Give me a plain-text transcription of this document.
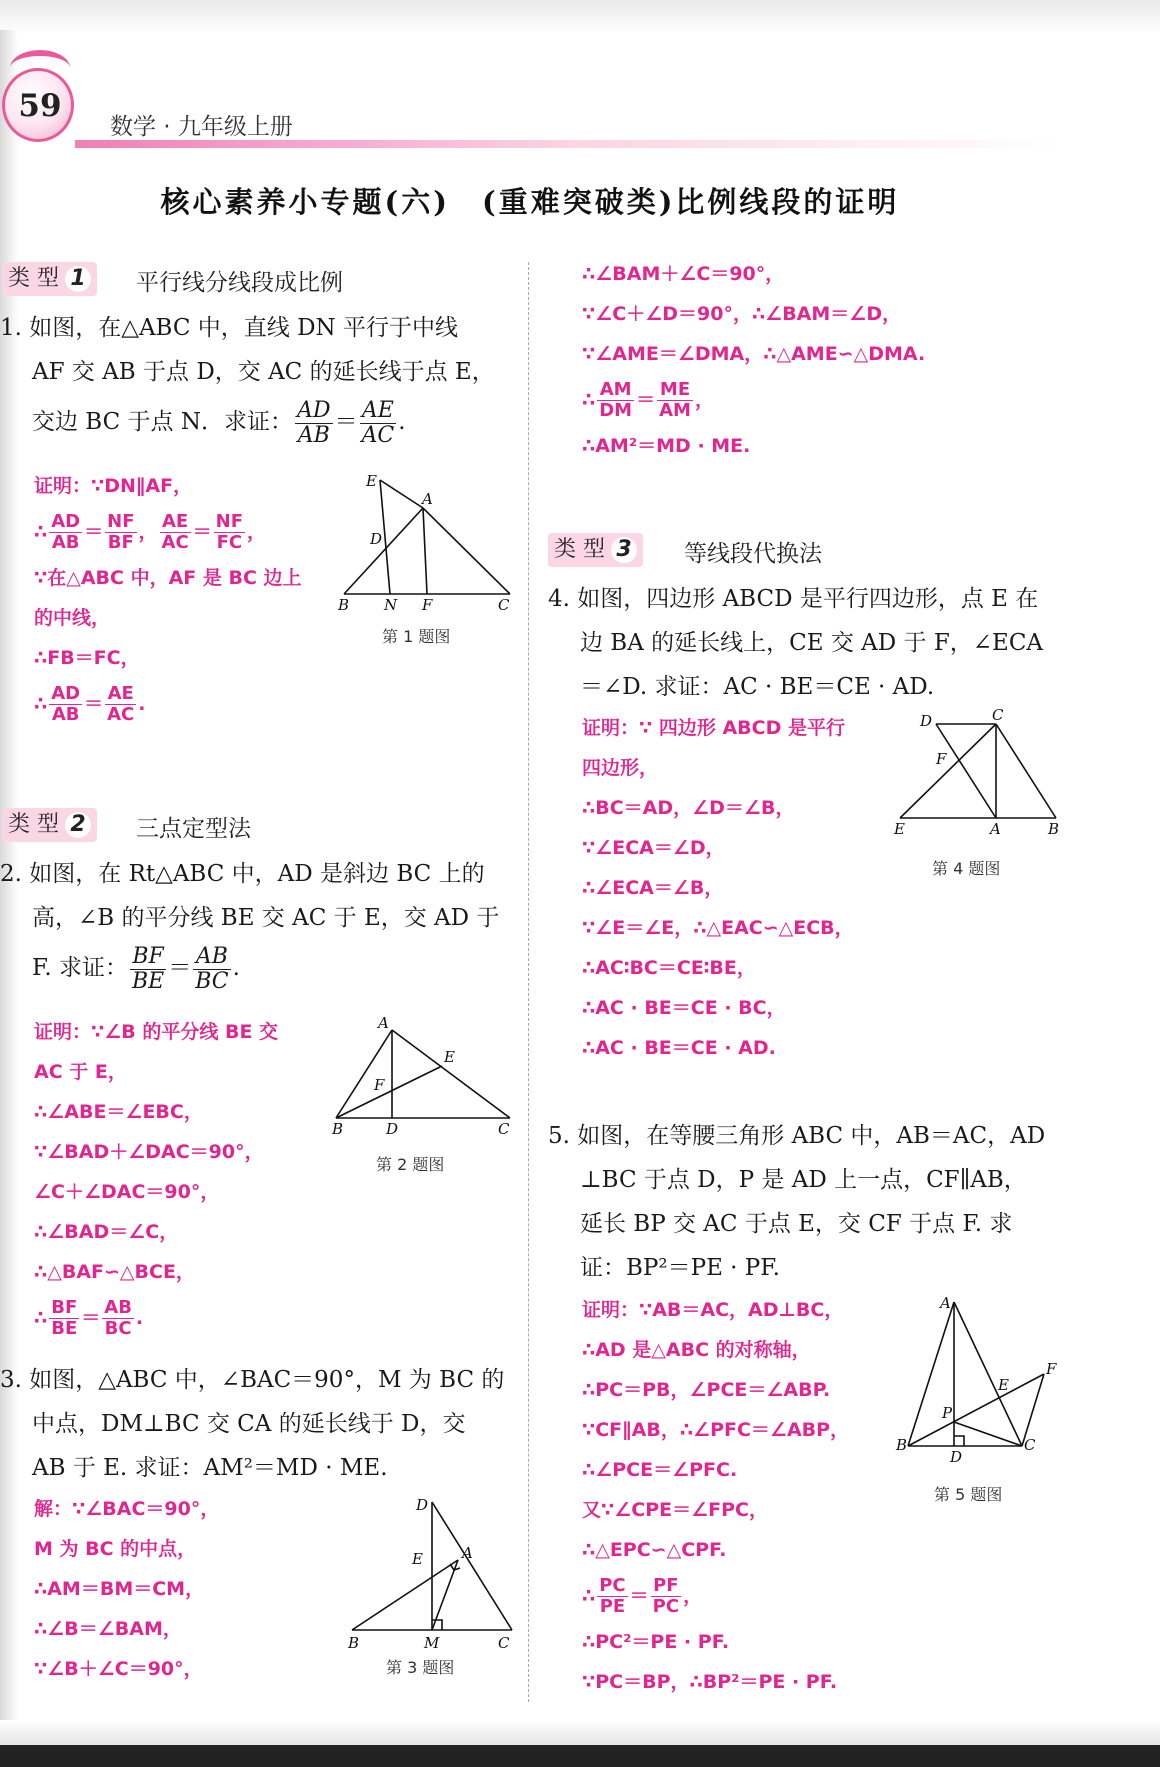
59
数学 · 九年级上册
核心素养小专题(六)　(重难突破类)比例线段的证明
类 型 1	平行线分线段成比例
1. 如图，在△ABC 中，直线 DN 平行于中线
AF 交 AB 于点 D，交 AC 的延长线于点 E，
交边 BC 于点 N．求证： $\frac{AD}{AB} = \frac{AE}{AC}$ .
证明：∵DN∥AF，
∴ $\frac{AD}{AB} = \frac{NF}{BF}$ ， $\frac{AE}{AC} = \frac{NF}{FC}$ ，
∵在△ABC 中，AF 是 BC 边上
的中线，
∴FB＝FC，
∴ $\frac{AD}{AB} = \frac{AE}{AC}$ .
E
A
D
B N F	C
第 1 题图
类 型 2	三点定型法
2. 如图，在 Rt△ABC 中，AD 是斜边 BC 上的
高，∠B 的平分线 BE 交 AC 于 E，交 AD 于
F. 求证： $\frac{BF}{BE} = \frac{AB}{BC}$ .
证明：∵∠B 的平分线 BE 交
AC 于 E，
∴∠ABE＝∠EBC，
∵∠BAD＋∠DAC＝90°，
∠C＋∠DAC＝90°，
∴∠BAD＝∠C，
∴△BAF∽△BCE，
∴ $\frac{BF}{BE} = \frac{AB}{BC}$ .
A
E
F
B	D	C
第 2 题图
3. 如图，△ABC 中，∠BAC＝90°，M 为 BC 的
中点，DM⊥BC 交 CA 的延长线于 D，交
AB 于 E. 求证：AM²＝MD · ME.
解：∵∠BAC＝90°，
M 为 BC 的中点，
∴AM＝BM＝CM，
∴∠B＝∠BAM，
∵∠B＋∠C＝90°，
D
A
E
B	M	C
第 3 题图
∴∠BAM＋∠C＝90°，
∵∠C＋∠D＝90°，∴∠BAM＝∠D，
∵∠AME＝∠DMA，∴△AME∽△DMA.
∴ $\frac{AM}{DM} = \frac{ME}{AM}$ ，
∴AM²＝MD · ME.
类 型 3	等线段代换法
4. 如图，四边形 ABCD 是平行四边形，点 E 在
边 BA 的延长线上，CE 交 AD 于 F，∠ECA
＝∠D. 求证：AC · BE＝CE · AD.
证明：∵ 四边形 ABCD 是平行
四边形，
∴BC＝AD，∠D＝∠B，
∵∠ECA＝∠D，
∴∠ECA＝∠B，
∵∠E＝∠E，∴△EAC∽△ECB，
∴AC∶BC＝CE∶BE，
∴AC · BE＝CE · BC，
∴AC · BE＝CE · AD.
D	C
F
E	A	B
第 4 题图
5. 如图，在等腰三角形 ABC 中，AB＝AC，AD
⊥BC 于点 D，P 是 AD 上一点，CF∥AB，
延长 BP 交 AC 于点 E，交 CF 于点 F. 求
证：BP²＝PE · PF.
证明：∵AB＝AC，AD⊥BC，
∴AD 是△ABC 的对称轴，
∴PC＝PB，∠PCE＝∠ABP.
∵CF∥AB，∴∠PFC＝∠ABP，
∴∠PCE＝∠PFC.
又∵∠CPE＝∠FPC，
∴△EPC∽△CPF.
∴ $\frac{PC}{PE} = \frac{PF}{PC}$ ，
∴PC²＝PE · PF.
∵PC＝BP，∴BP²＝PE · PF.
A
E
F
P
B
D
C
第 5 题图
